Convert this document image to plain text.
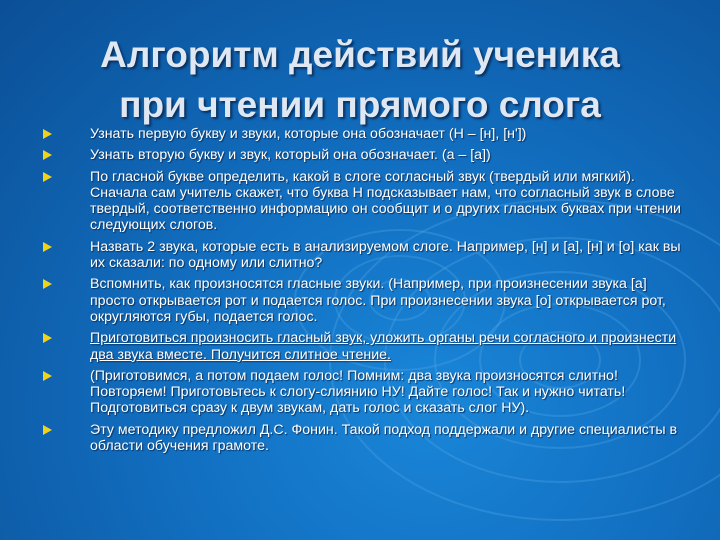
Алгоритм действий ученика
при чтении прямого слога
Узнать первую букву и звуки, которые она обозначает (Н – [н], [н'])
Узнать вторую букву и звук, который она обозначает. (а – [а])
По гласной букве определить, какой в слоге согласный звук (твердый или мягкий). Сначала сам учитель скажет, что буква Н подсказывает нам, что согласный звук в слове твердый, соответственно информацию он сообщит и о других гласных буквах при чтении следующих слогов.
Назвать 2 звука, которые есть в анализируемом слоге. Например, [н] и [а], [н] и [о] как вы их сказали: по одному или слитно?
Вспомнить, как произносятся гласные звуки. (Например, при произнесении звука [а] просто открывается рот и подается голос. При произнесении звука [о] открывается рот, округляются губы, подается голос.
Приготовиться произносить гласный звук, уложить органы речи согласного и произнести два звука вместе. Получится слитное чтение.
(Приготовимся, а потом подаем голос! Помним: два звука произносятся слитно! Повторяем! Приготовьтесь к слогу-слиянию НУ! Дайте голос! Так и нужно читать! Подготовиться сразу к двум звукам, дать голос и сказать слог НУ).
Эту методику предложил Д.С. Фонин. Такой подход поддержали и другие специалисты в области обучения грамоте.
